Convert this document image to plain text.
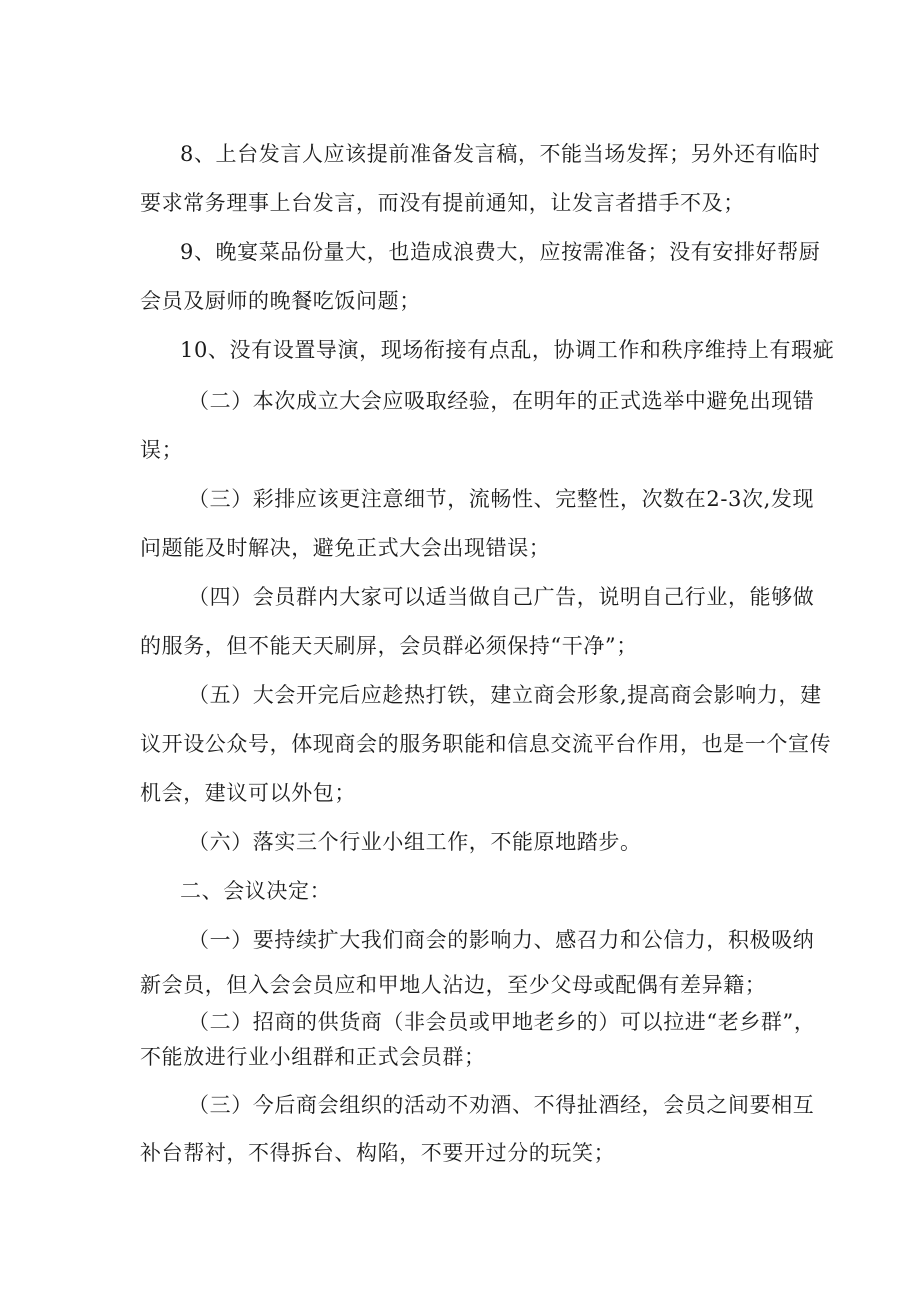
8、上台发言人应该提前准备发言稿，不能当场发挥；另外还有临时
要求常务理事上台发言，而没有提前通知，让发言者措手不及；
9、晚宴菜品份量大，也造成浪费大，应按需准备；没有安排好帮厨
会员及厨师的晚餐吃饭问题；
10、没有设置导演，现场衔接有点乱，协调工作和秩序维持上有瑕疵
（二）本次成立大会应吸取经验，在明年的正式选举中避免出现错
误；
（三）彩排应该更注意细节，流畅性、完整性，次数在2-3次,发现
问题能及时解决，避免正式大会出现错误；
（四）会员群内大家可以适当做自己广告，说明自己行业，能够做
的服务，但不能天天刷屏，会员群必须保持“干净”；
（五）大会开完后应趁热打铁，建立商会形象,提高商会影响力，建
议开设公众号，体现商会的服务职能和信息交流平台作用，也是一个宣传
机会，建议可以外包；
（六）落实三个行业小组工作，不能原地踏步。
二、会议决定：
（一）要持续扩大我们商会的影响力、感召力和公信力，积极吸纳
新会员，但入会会员应和甲地人沾边，至少父母或配偶有差异籍；
（二）招商的供货商（非会员或甲地老乡的）可以拉进“老乡群”，
不能放进行业小组群和正式会员群；
（三）今后商会组织的活动不劝酒、不得扯酒经，会员之间要相互
补台帮衬，不得拆台、构陷，不要开过分的玩笑；
